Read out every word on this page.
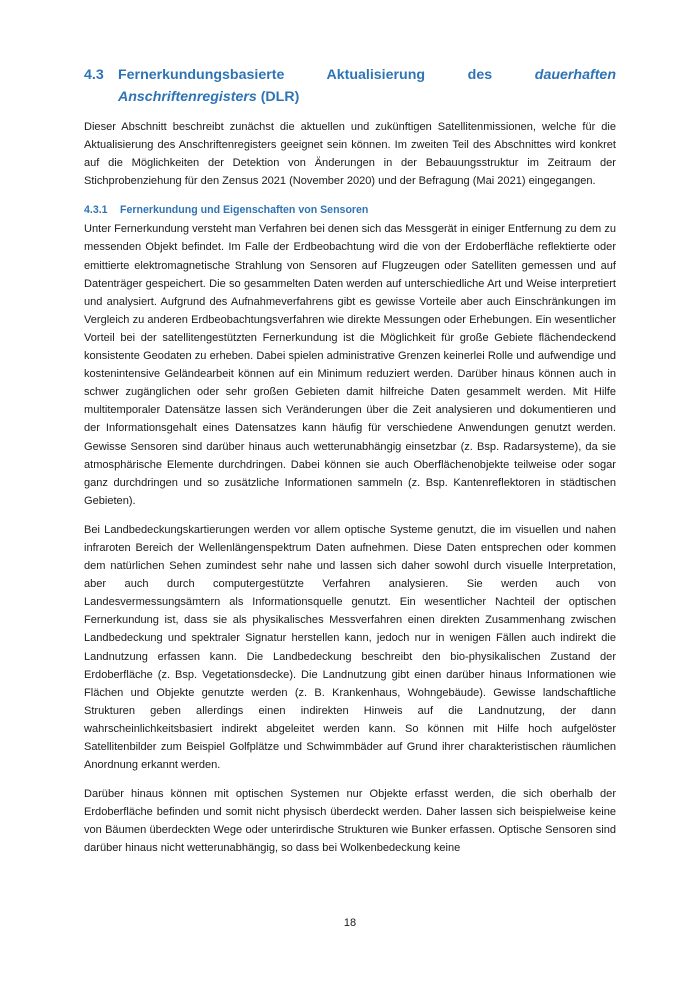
4.3	Fernerkundungsbasierte Aktualisierung des dauerhaften Anschriftenregisters (DLR)

Dieser Abschnitt beschreibt zunächst die aktuellen und zukünftigen Satellitenmissionen, welche für die Aktualisierung des Anschriftenregisters geeignet sein können. Im zweiten Teil des Abschnittes wird konkret auf die Möglichkeiten der Detektion von Änderungen in der Bebauungsstruktur im Zeitraum der Stichprobenziehung für den Zensus 2021 (November 2020) und der Befragung (Mai 2021) eingegangen.

4.3.1	Fernerkundung und Eigenschaften von Sensoren

Unter Fernerkundung versteht man Verfahren bei denen sich das Messgerät in einiger Entfernung zu dem zu messenden Objekt befindet. Im Falle der Erdbeobachtung wird die von der Erdoberfläche reflektierte oder emittierte elektromagnetische Strahlung von Sensoren auf Flugzeugen oder Satelliten gemessen und auf Datenträger gespeichert. Die so gesammelten Daten werden auf unterschiedliche Art und Weise interpretiert und analysiert. Aufgrund des Aufnahmeverfahrens gibt es gewisse Vorteile aber auch Einschränkungen im Vergleich zu anderen Erdbeobachtungsverfahren wie direkte Messungen oder Erhebungen. Ein wesentlicher Vorteil bei der satellitengestützten Fernerkundung ist die Möglichkeit für große Gebiete flächendeckend konsistente Geodaten zu erheben. Dabei spielen administrative Grenzen keinerlei Rolle und aufwendige und kostenintensive Geländearbeit können auf ein Minimum reduziert werden. Darüber hinaus können auch in schwer zugänglichen oder sehr großen Gebieten damit hilfreiche Daten gesammelt werden. Mit Hilfe multitemporaler Datensätze lassen sich Veränderungen über die Zeit analysieren und dokumentieren und der Informationsgehalt eines Datensatzes kann häufig für verschiedene Anwendungen genutzt werden. Gewisse Sensoren sind darüber hinaus auch wetterunabhängig einsetzbar (z. Bsp. Radarsysteme), da sie atmosphärische Elemente durchdringen. Dabei können sie auch Oberflächenobjekte teilweise oder sogar ganz durchdringen und so zusätzliche Informationen sammeln (z. Bsp. Kantenreflektoren in städtischen Gebieten).

Bei Landbedeckungskartierungen werden vor allem optische Systeme genutzt, die im visuellen und nahen infraroten Bereich der Wellenlängenspektrum Daten aufnehmen. Diese Daten entsprechen oder kommen dem natürlichen Sehen zumindest sehr nahe und lassen sich daher sowohl durch visuelle Interpretation, aber auch durch computergestützte Verfahren analysieren. Sie werden auch von Landesvermessungsämtern als Informationsquelle genutzt. Ein wesentlicher Nachteil der optischen Fernerkundung ist, dass sie als physikalisches Messverfahren einen direkten Zusammenhang zwischen Landbedeckung und spektraler Signatur herstellen kann, jedoch nur in wenigen Fällen auch indirekt die Landnutzung erfassen kann. Die Landbedeckung beschreibt den bio-physikalischen Zustand der Erdoberfläche (z. Bsp. Vegetationsdecke). Die Landnutzung gibt einen darüber hinaus Informationen wie Flächen und Objekte genutzte werden (z. B. Krankenhaus, Wohngebäude). Gewisse landschaftliche Strukturen geben allerdings einen indirekten Hinweis auf die Landnutzung, der dann wahrscheinlichkeitsbasiert indirekt abgeleitet werden kann. So können mit Hilfe hoch aufgelöster Satellitenbilder zum Beispiel Golfplätze und Schwimmbäder auf Grund ihrer charakteristischen räumlichen Anordnung erkannt werden.

Darüber hinaus können mit optischen Systemen nur Objekte erfasst werden, die sich oberhalb der Erdoberfläche befinden und somit nicht physisch überdeckt werden. Daher lassen sich beispielweise keine von Bäumen überdeckten Wege oder unterirdische Strukturen wie Bunker erfassen. Optische Sensoren sind darüber hinaus nicht wetterunabhängig, so dass bei Wolkenbedeckung keine

18
